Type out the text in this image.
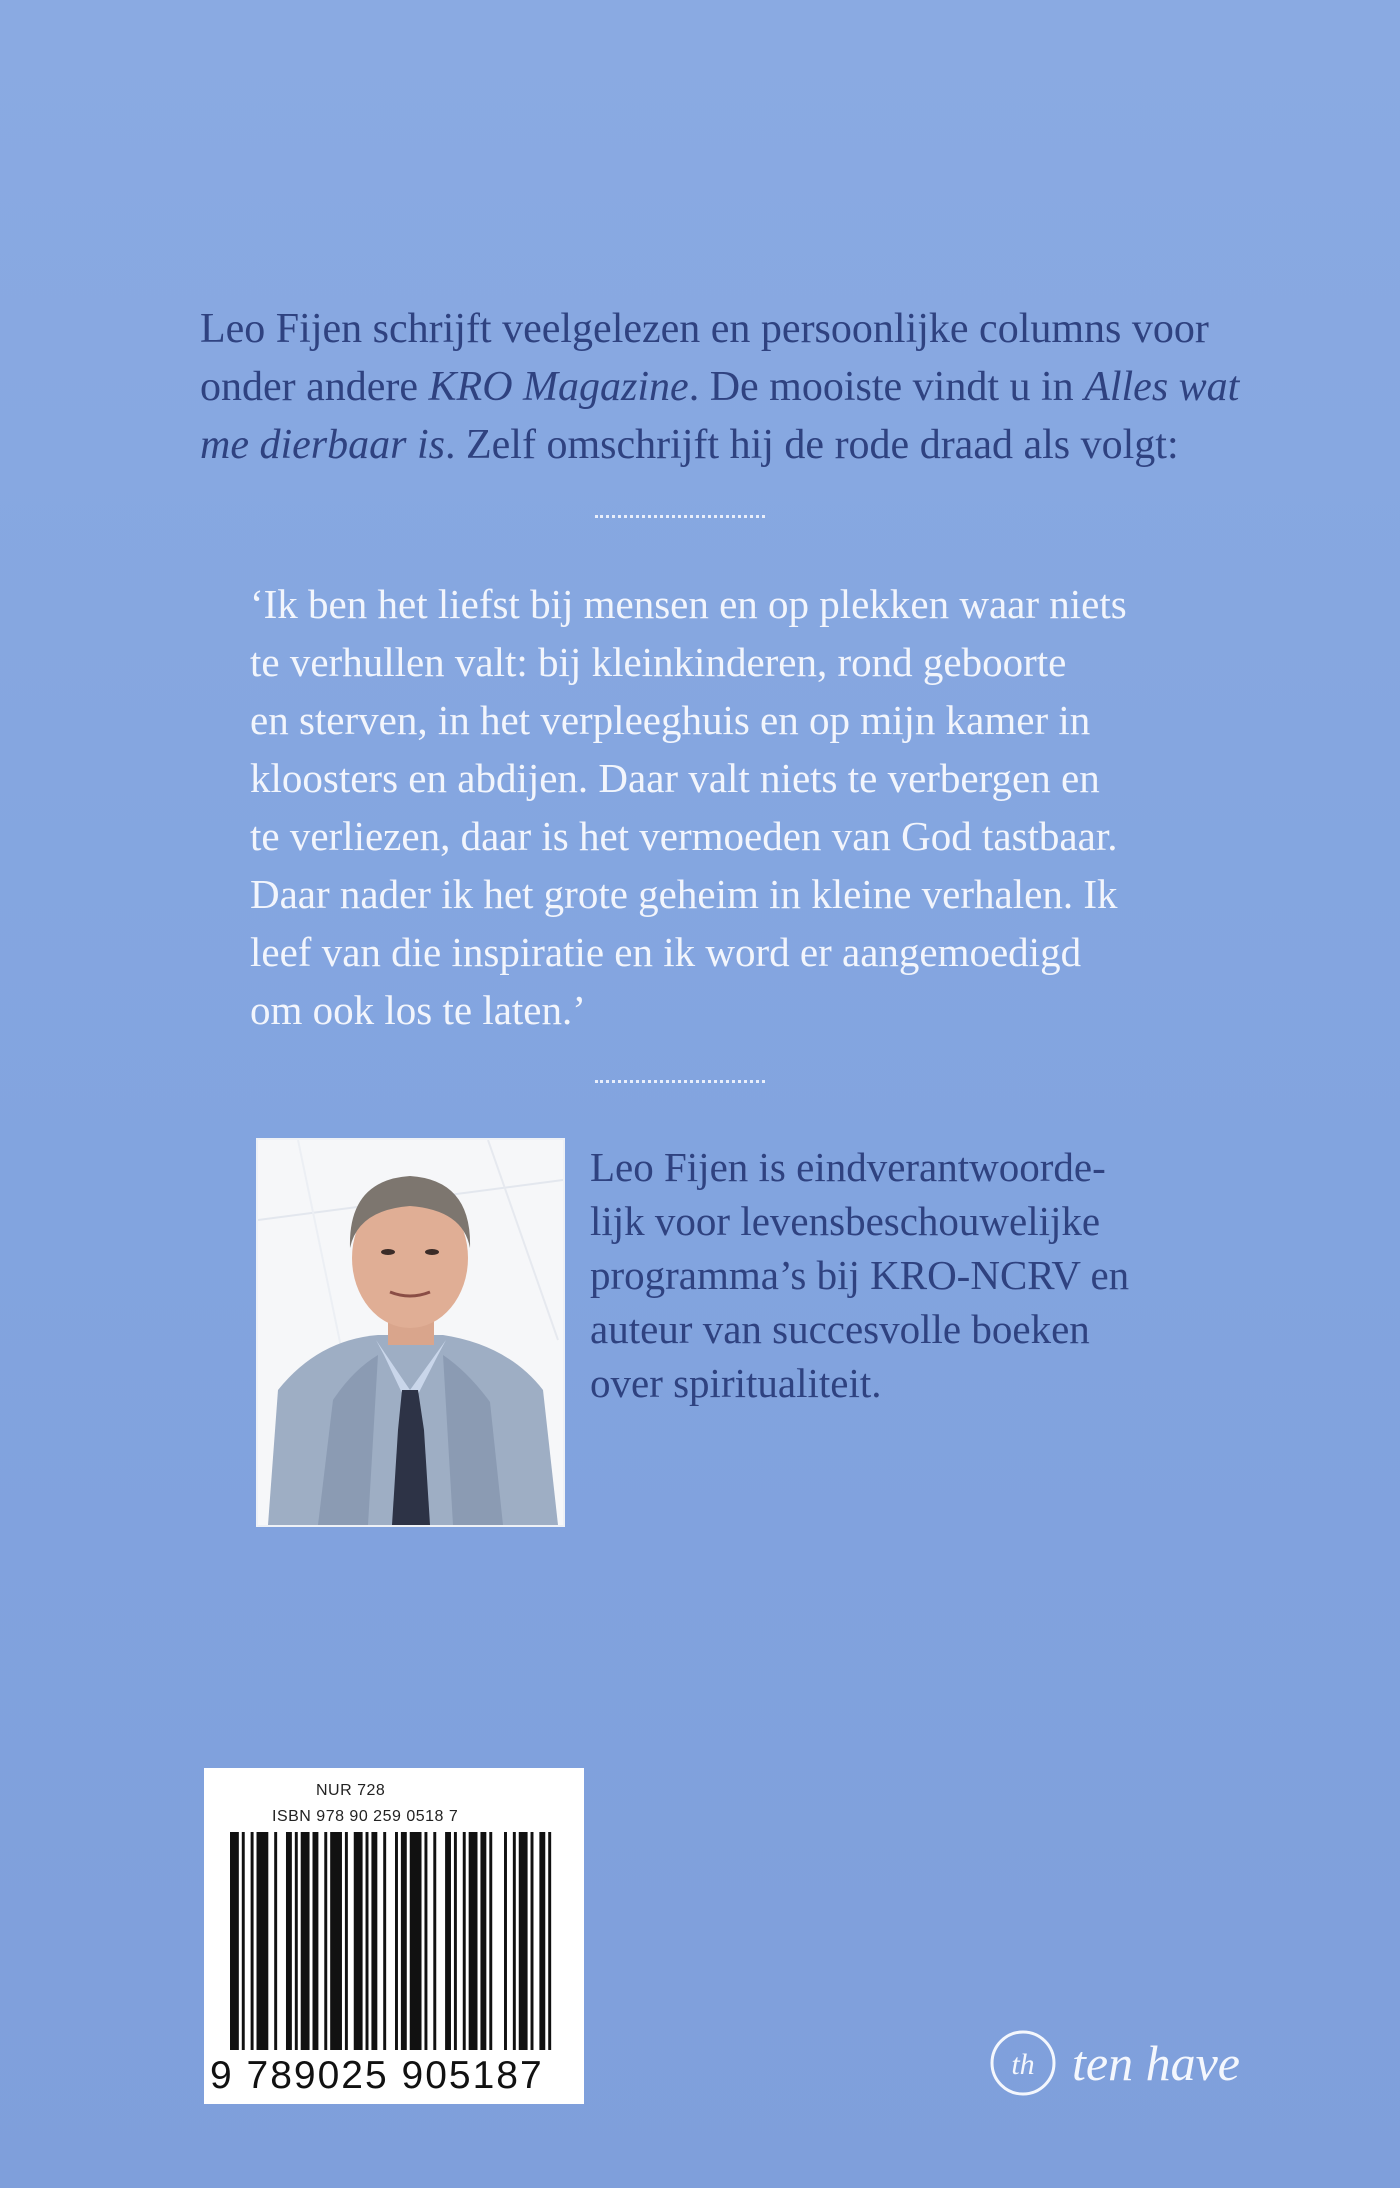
Leo Fijen schrijft veelgelezen en persoonlijke columns voor onder andere KRO Magazine. De mooiste vindt u in Alles wat me dierbaar is. Zelf omschrijft hij de rode draad als volgt:

‘Ik ben het liefst bij mensen en op plekken waar niets
te verhullen valt: bij kleinkinderen, rond geboorte
en sterven, in het verpleeghuis en op mijn kamer in
kloosters en abdijen. Daar valt niets te verbergen en
te verliezen, daar is het vermoeden van God tastbaar.
Daar nader ik het grote geheim in kleine verhalen. Ik
leef van die inspiratie en ik word er aangemoedigd
om ook los te laten.’

Leo Fijen is eindverantwoorde-
lijk voor levensbeschouwelijke
programma’s bij KRO-NCRV en
auteur van succesvolle boeken
over spiritualiteit.

NUR 728
ISBN 978 90 259 0518 7
9 789025 905187	th ten have
